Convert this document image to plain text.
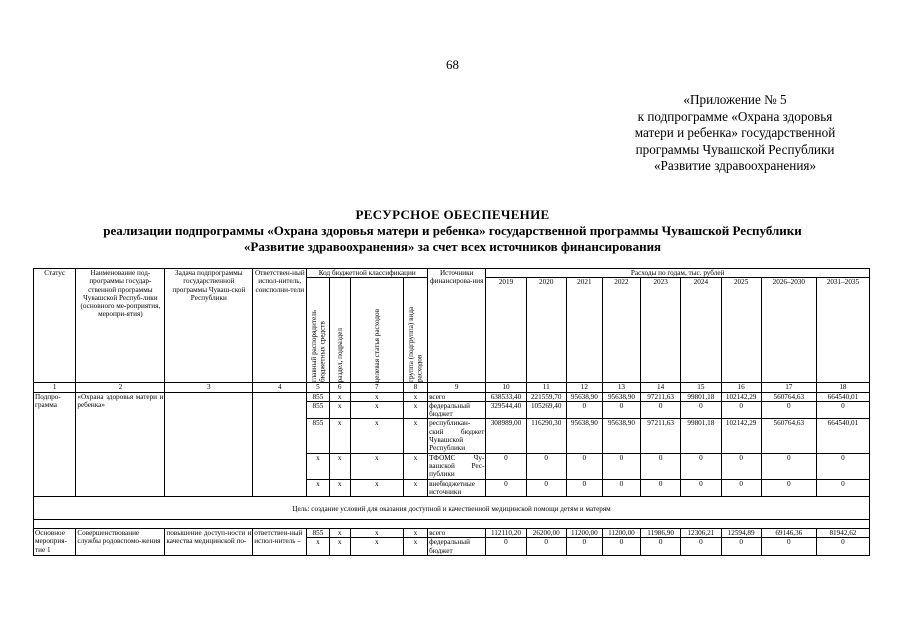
68
«Приложение № 5
к подпрограмме «Охрана здоровья
матери и ребенка» государственной
программы Чувашской Республики
«Развитие здравоохранения»
РЕСУРСНОЕ ОБЕСПЕЧЕНИЕ
реализации подпрограммы «Охрана здоровья матери и ребенка» государственной программы Чувашской Республики
«Развитие здравоохранения» за счет всех источников финансирования
Статус	Наименование под-программы государ-ственной программы Чувашской Респуб-лики (основного ме-роприятия, меропри-ятия)	Задача подпрограммы государственной программы Чуваш-ской Республики	Ответствен-ный испол-нитель, соисполни-тели	Код бюджетной классификации				Источники финансирова-ния	Расходы по годам, тыс. рублей								

				главный распорядитель бюджетных средств	раздел, подраздел	целевая статья расходов	группа (подгруппа) вида расходов		2019	2020	2021	2022	2023	2024	2025	2026–2030	2031–2035

1	2	3	4	5	6	7	8	9	10	11	12	13	14	15	16	17	18
Подпро-грамма	«Охрана здоровья матери и ребенка»			855	x	x	x	всего	638533,40	221559,70	95638,90	95638,90	97211,63	99801,18	102142,29	560764,63	664540,01
				855	x	x	x	федеральный бюджет	329544,40	105269,40	0	0	0	0	0	0	0
				855	x	x	x	республикан-ский бюджет Чувашской Республики	308989,00	116290,30	95638,90	95638,90	97211,63	99801,18	102142,29	560764,63	664540,01
				x	x	x	x	ТФОМС Чу-вашской Рес-публики	0	0	0	0	0	0	0	0	0
				x	x	x	x	внебюджетные источники	0	0	0	0	0	0	0	0	0

Цель: создание условий для оказания доступной и качественной медицинской помощи детям и матерям																	

Основное мероприя-тие 1	Совершенствование службы родовспомо-жения	повышение доступ-ности и качества медицинской по-	ответствен-ный испол-нитель –	855	x	x	x	всего	112110,20	26200,00	11200,00	11200,00	11986,90	12306,21	12594,89	69146,36	81942,62
				x	x	x	x	федеральный бюджет	0	0	0	0	0	0	0	0	0
